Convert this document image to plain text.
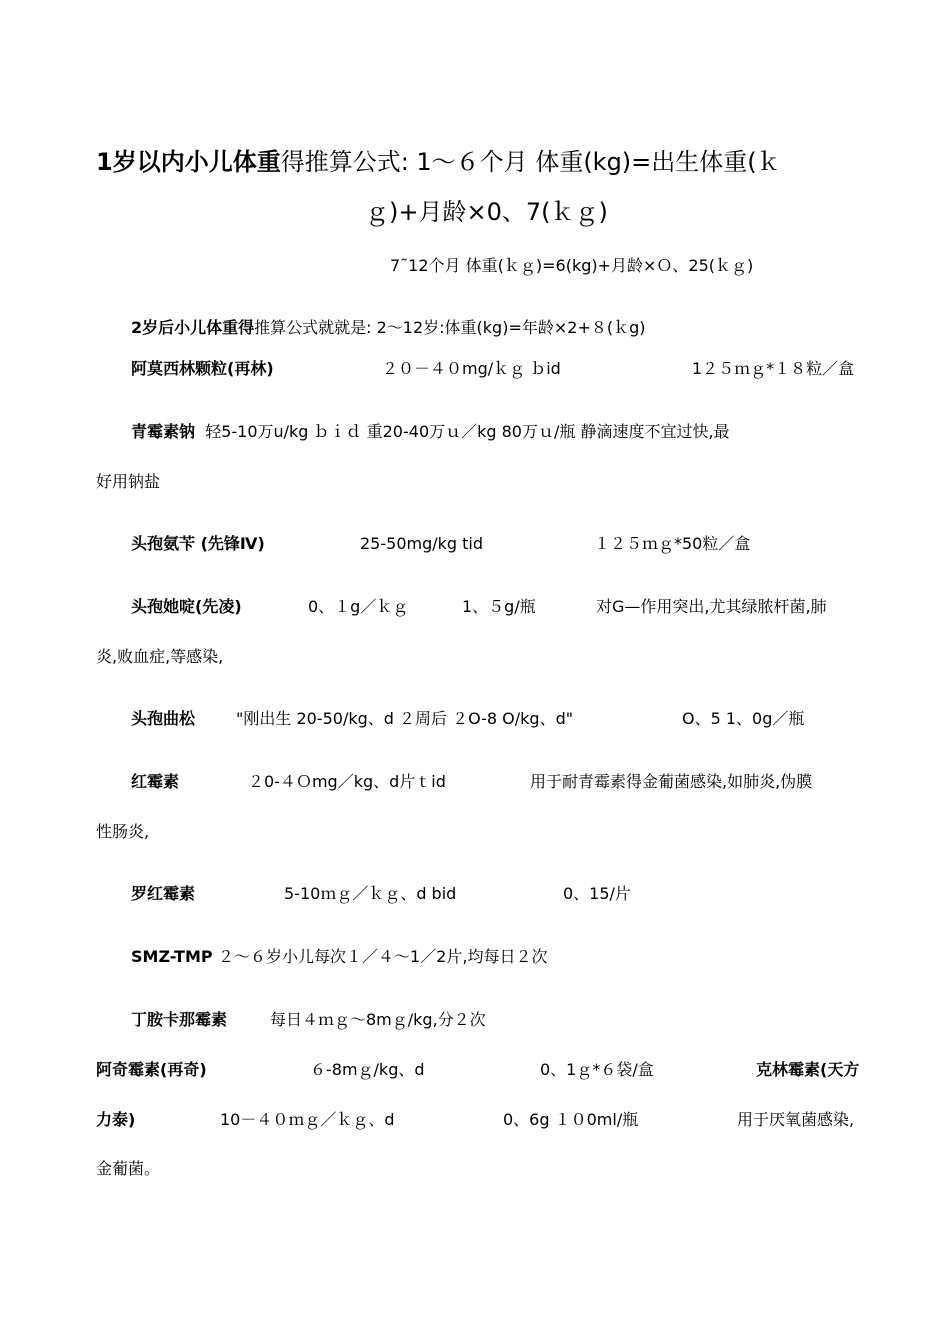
1岁以内小儿体重得推算公式: 1～６个月 体重(kg)=出生体重(ｋ
ｇ)+月龄×0、7(ｋｇ)
7˜12个月 体重(ｋｇ)=6(kg)+月龄×Ｏ、25(ｋｇ)
2岁后小儿体重得推算公式就就是: 2～12岁:体重(kg)=年龄×2+８(ｋg)
阿莫西林颗粒(再林)	２０－４０mg/ｋｇ ｂid	1２５ｍｇ*１８粒／盒
青霉素钠 轻5-10万u/kg ｂｉｄ 重20-40万ｕ／kg 80万ｕ/瓶 静滴速度不宜过快,最
好用钠盐
头孢氨苄 (先锋Ⅳ)	25-50mg/kg tid	１２５ｍｇ*50粒／盒
头孢她啶(先凌)	0、１g／ｋｇ	1、５g/瓶	对G—作用突出,尤其绿脓杆菌,肺
炎,败血症,等感染,
头孢曲松	"刚出生 20-50/kg、d ２周后 ２O-8 O/kg、d"	O、5 1、0g／瓶
红霉素	２0-４Ｏmg／kg、d片ｔid	用于耐青霉素得金葡菌感染,如肺炎,伪膜
性肠炎,
罗红霉素	5-10ｍｇ／ｋｇ、d bid	0、15/片
SMZ-TMP ２～６岁小儿每次１／４～1／2片,均每日２次
丁胺卡那霉素	每日４ｍｇ～8mｇ/kg,分２次
阿奇霉素(再奇)	６-8mｇ/kg、d	0、1ｇ*６袋/盒	克林霉素(天方
力泰)	10－４０ｍｇ／ｋｇ、d	0、6g １０0ml/瓶	用于厌氧菌感染,
金葡菌。
